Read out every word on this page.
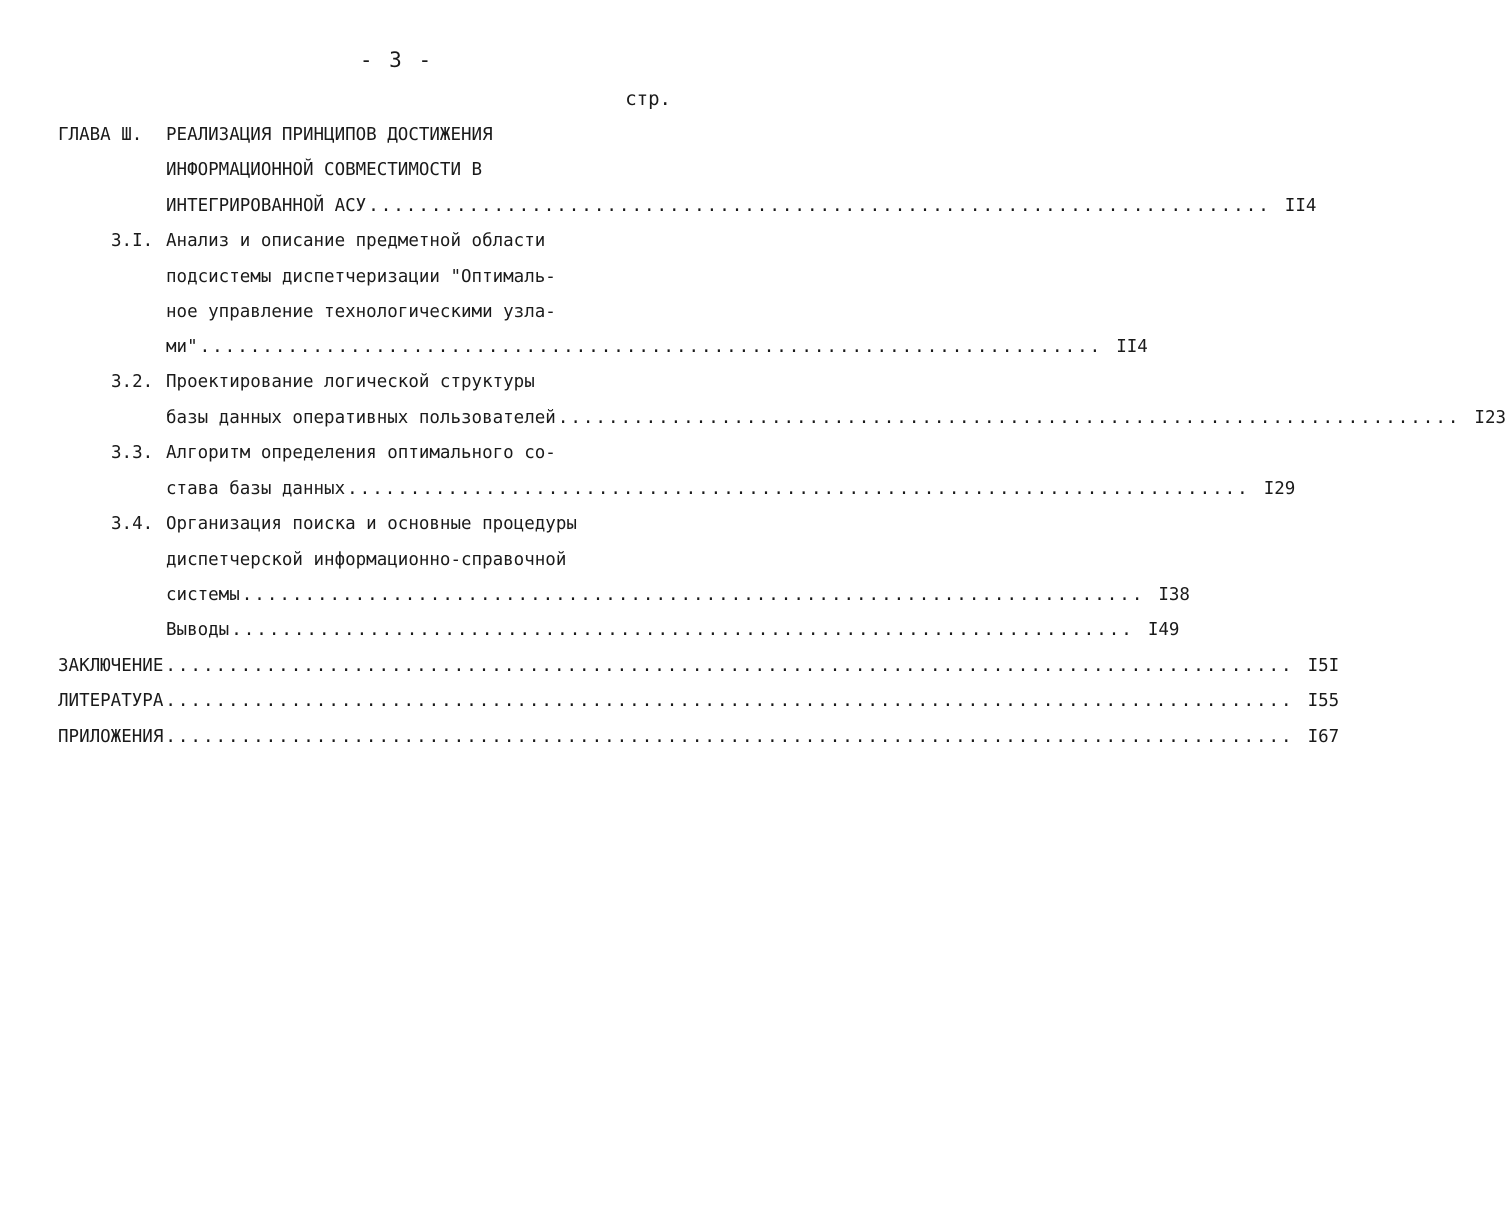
- 3 -
стр.
ГЛАВА Ш. РЕАЛИЗАЦИЯ ПРИНЦИПОВ ДОСТИЖЕНИЯ
ИНФОРМАЦИОННОЙ СОВМЕСТИМОСТИ В
ИНТЕГРИРОВАННОЙ АСУ ........................................................................ II4
3.I. Анализ и описание предметной области
подсистемы диспетчеризации "Оптималь-
ное управление технологическими узла-
ми" ........................................................................ II4
3.2. Проектирование логической структуры
базы данных оперативных пользователей ........................................................................ I23
3.3. Алгоритм определения оптимального со-
става базы данных ........................................................................ I29
3.4. Организация поиска и основные процедуры
диспетчерской информационно-справочной
системы ........................................................................ I38
Выводы ........................................................................ I49
ЗАКЛЮЧЕНИЕ .......................................................................................... I5I
ЛИТЕРАТУРА .......................................................................................... I55
ПРИЛОЖЕНИЯ .......................................................................................... I67
